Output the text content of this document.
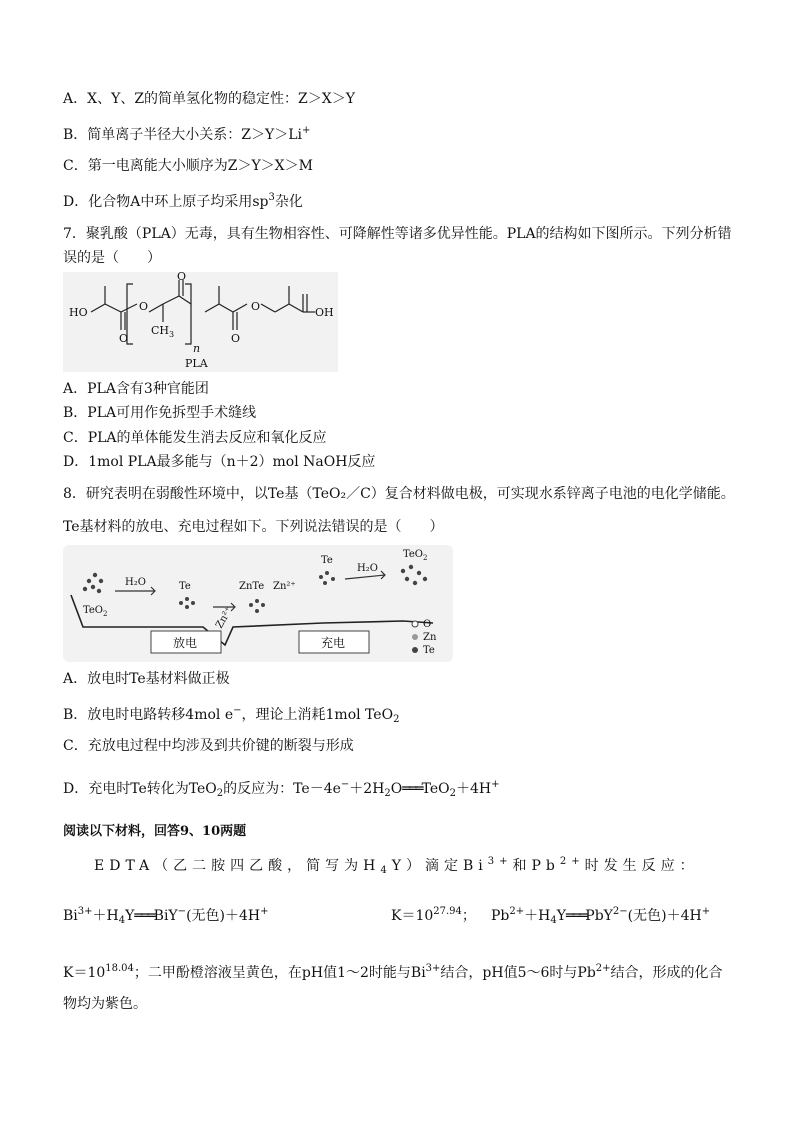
A．X、Y、Z的简单氢化物的稳定性：Z＞X＞Y
B．简单离子半径大小关系：Z＞Y＞Li+
C．第一电离能大小顺序为Z＞Y＞X＞M
D．化合物A中环上原子均采用$sp^3$杂化
7．聚乳酸（PLA）无毒，具有生物相容性、可降解性等诸多优异性能。PLA的结构如下图所示。下列分析错
误的是（　　）
HO
O
O
O
$CH_3$
n
O
O	OH
PLA
A．PLA含有3种官能团
B．PLA可用作免拆型手术缝线
C．PLA的单体能发生消去反应和氧化反应
D．1mol PLA最多能与（n＋2）mol NaOH反应
8．研究表明在弱酸性环境中，以Te基（TeO₂／C）复合材料做电极，可实现水系锌离子电池的电化学储能。
Te基材料的放电、充电过程如下。下列说法错误的是（　　）
TeO$_2$
H₂O	Te
Zn²⁺
ZnTe Zn²⁺
Te
H₂O
TeO$_2$
O
Zn
Te
放电	充电
A．放电时Te基材料做正极
B．放电时电路转移4mol e−，理论上消耗1mol TeO$_2$
C．充放电过程中均涉及到共价键的断裂与形成
D．充电时Te转化为TeO$_2$的反应为：$Te-4e^-+2H_2O═══TeO_2+4H^+$
阅读以下材料，回答9、10两题
EDTA（乙二胺四乙酸，简写为$H_4Y$）滴定$Bi^{3+}$和$Pb^{2+}$时发生反应：
$Bi^{3+}+H_4Y═══BiY^-$(无色)＋4H+	$K=10^{27.94}$； $Pb^{2+}+H_4Y═══PbY^{2-}$(无色)＋4H+
$K=10^{18.04}$；二甲酚橙溶液呈黄色，在pH值1～2时能与$Bi^{3+}$结合，pH值5～6时与$Pb^{2+}$结合，形成的化合
物均为紫色。
